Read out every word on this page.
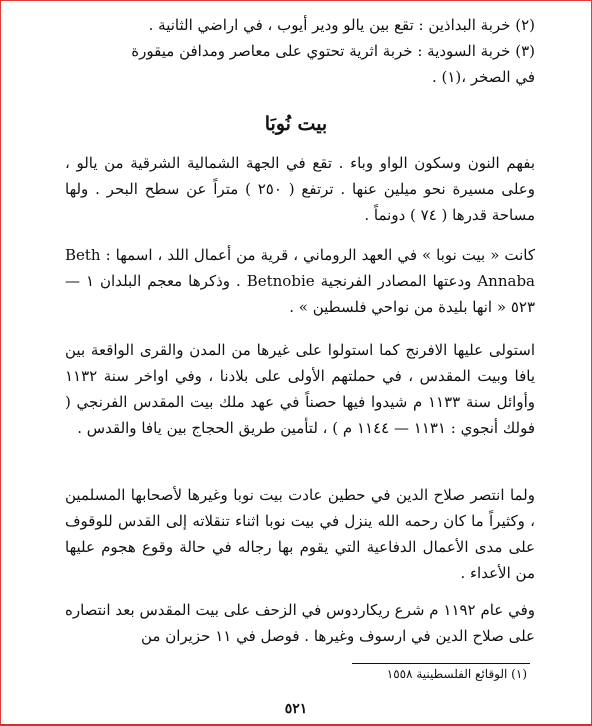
(٢) خربة البداذين : تقع بين يالو ودير أيوب ، في اراضي الثانية .
(٣) خربة السودية : خربة اثرية تحتوي على معاصر ومدافن ميقورة
في الصخر ،(١) .
بيت نُوبَا

بفهم النون وسكون الواو وباء . تقع في الجهة الشمالية الشرقية من يالو ، وعلى مسيرة نحو ميلين عنها . ترتفع ( ٢٥٠ ) متراً عن سطح البحر . ولها مساحة قدرها ( ٧٤ ) دونماً .

كانت « بيت نوبا » في العهد الروماني ، قرية من أعمال اللد ، اسمها : Beth Annaba ودعتها المصادر الفرنجية Betnobie . وذكرها معجم البلدان ١ — ٥٢٣ « انها بليدة من نواحي فلسطين » .

استولى عليها الافرنج كما استولوا على غيرها من المدن والقرى الواقعة بين يافا وبيت المقدس ، في حملتهم الأولى على بلادنا ، وفي اواخر سنة ١١٣٢ وأوائل سنة ١١٣٣ م شيدوا فيها حصناً في عهد ملك بيت المقدس الفرنجي ( فولك أنجوي : ١١٣١ — ١١٤٤ م ) ، لتأمين طريق الحجاج بين يافا والقدس .

ولما انتصر صلاح الدين في حطين عادت بيت نوبا وغيرها لأصحابها المسلمين ، وكثيراً ما كان رحمه الله ينزل في بيت نوبا اثناء تنقلاته إلى القدس للوقوف على مدى الأعمال الدفاعية التي يقوم بها رجاله في حالة وقوع هجوم عليها من الأعداء .

وفي عام ١١٩٢ م شرع ريكاردوس في الزحف على بيت المقدس بعد انتصاره على صلاح الدين في ارسوف وغيرها . فوصل في ١١ حزيران من

(١) الوقائع الفلسطينية ١٥٥٨
٥٢١
